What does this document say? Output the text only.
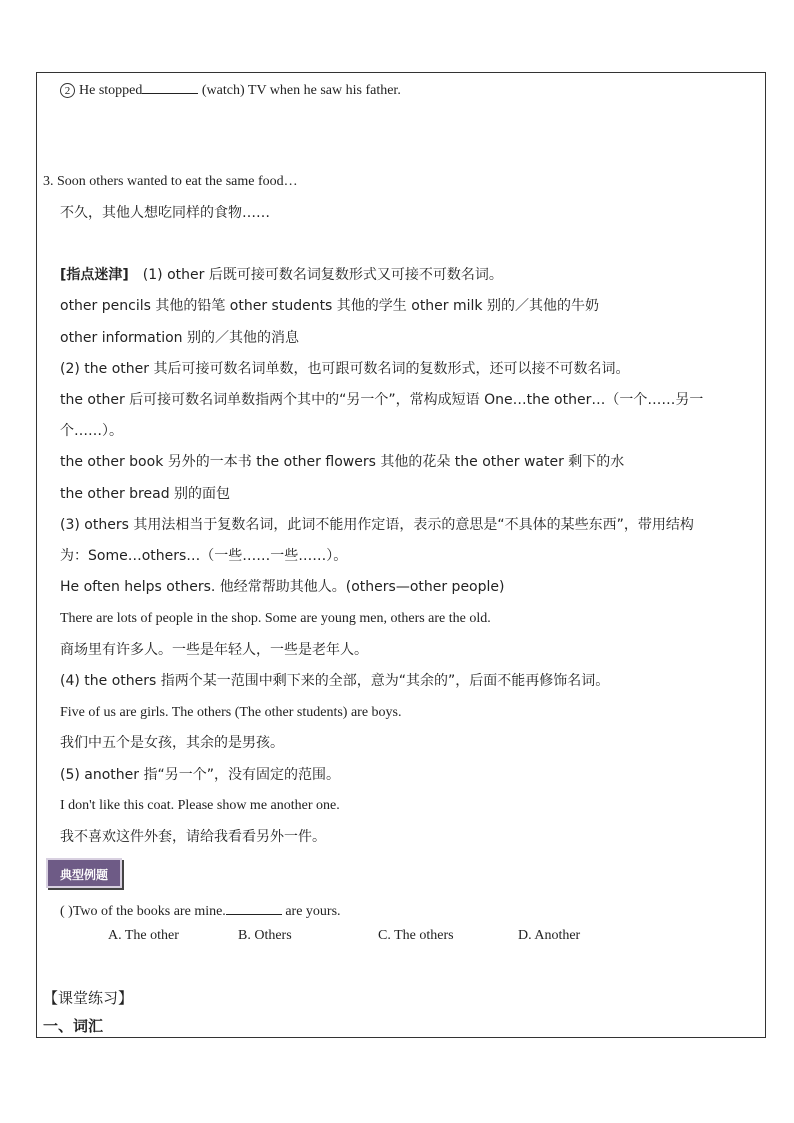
2 He stopped	(watch) TV when he saw his father.
3. Soon others wanted to eat the same food…
不久，其他人想吃同样的食物……
[指点迷津] (1) other 后既可接可数名词复数形式又可接不可数名词。
other pencils 其他的铅笔 other students 其他的学生 other milk 别的／其他的牛奶
other information 别的／其他的消息
(2) the other 其后可接可数名词单数，也可跟可数名词的复数形式，还可以接不可数名词。
the other 后可接可数名词单数指两个其中的“另一个”，常构成短语 One…the other…（一个……另一
个……）。
the other book 另外的一本书 the other flowers 其他的花朵 the other water 剩下的水
the other bread 别的面包
(3) others 其用法相当于复数名词，此词不能用作定语，表示的意思是“不具体的某些东西”，带用结构
为：Some…others…（一些……一些……）。
He often helps others. 他经常帮助其他人。(others—other people)
There are lots of people in the shop. Some are young men, others are the old.
商场里有许多人。一些是年轻人，一些是老年人。
(4) the others 指两个某一范围中剩下来的全部，意为“其余的”，后面不能再修饰名词。
Five of us are girls. The others (The other students) are boys.
我们中五个是女孩，其余的是男孩。
(5) another 指“另一个”，没有固定的范围。
I don't like this coat. Please show me another one.
我不喜欢这件外套，请给我看看另外一件。
典型例题
( )Two of the books are mine.	are yours.
A. The other	B. Others	C. The others	D. Another
【课堂练习】
一、词汇
